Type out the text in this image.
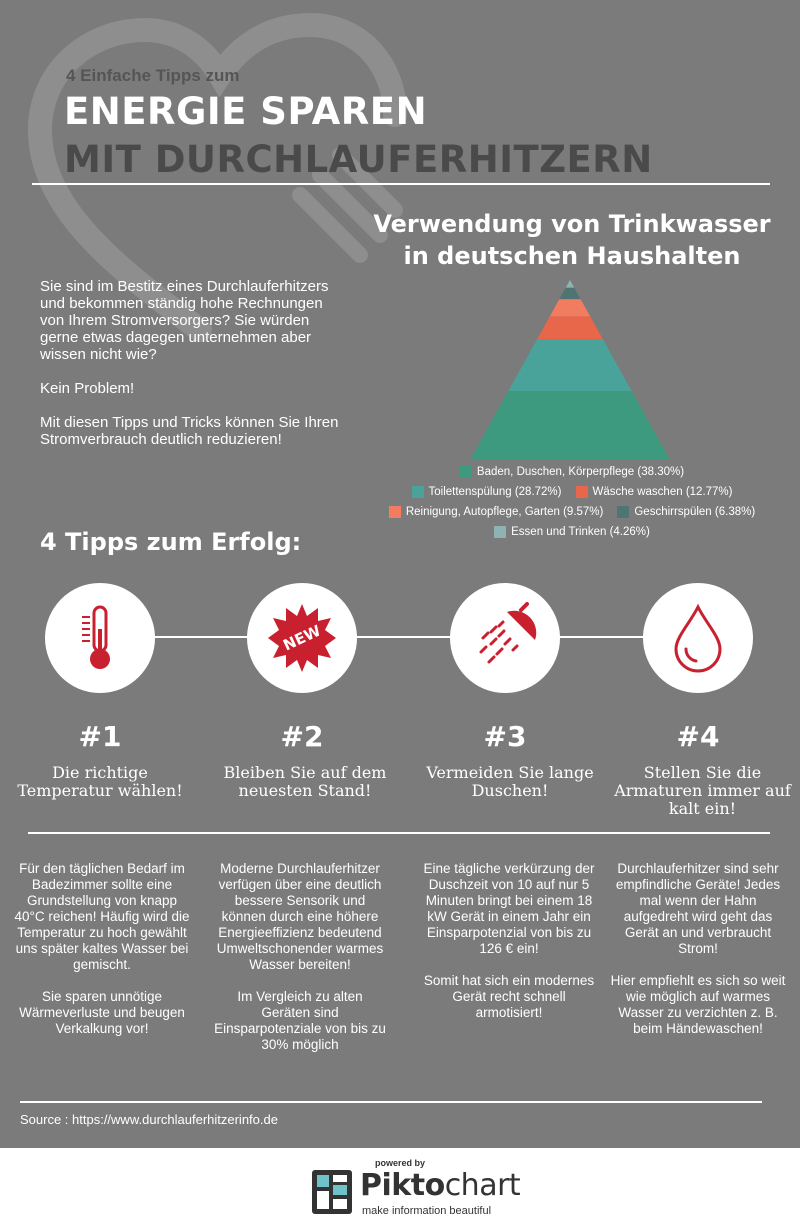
4 Einfache Tipps zum

ENERGIE SPAREN
MIT DURCHLAUFERHITZERN
Verwendung von Trinkwasser
in deutschen Haushalten
Baden, Duschen, Körperpflege (38.30%)
Toilettenspülung (28.72%)	Wäsche waschen (12.77%)
Reinigung, Autopflege, Garten (9.57%)	Geschirrspülen (6.38%)
Essen und Trinken (4.26%)

Sie sind im Bestitz eines Durchlauferhitzers und bekommen ständig hohe Rechnungen von Ihrem Stromversorgers? Sie würden gerne etwas dagegen unternehmen aber wissen nicht wie?

Kein Problem!

Mit diesen Tipps und Tricks können Sie Ihren Stromverbrauch deutlich reduzieren!

4 Tipps zum Erfolg:
NEW

#1	#2	#3	#4

Die richtige Temperatur wählen!

Bleiben Sie auf dem neuesten Stand!

Vermeiden Sie lange Duschen!

Stellen Sie die Armaturen immer auf kalt ein!

Für den täglichen Bedarf im Badezimmer sollte eine Grundstellung von knapp 40°C reichen! Häufig wird die Temperatur zu hoch gewählt uns später kaltes Wasser bei gemischt.

Sie sparen unnötige Wärmeverluste und beugen Verkalkung vor!

Moderne Durchlauferhitzer verfügen über eine deutlich bessere Sensorik und können durch eine höhere Energieeffizienz bedeutend Umweltschonender warmes Wasser bereiten!

Im Vergleich zu alten Geräten sind Einsparpotenziale von bis zu 30% möglich

Eine tägliche verkürzung der Duschzeit von 10 auf nur 5 Minuten bringt bei einem 18 kW Gerät in einem Jahr ein Einsparpotenzial von bis zu 126 € ein!

Somit hat sich ein modernes Gerät recht schnell armotisiert!

Durchlauferhitzer sind sehr empfindliche Geräte! Jedes mal wenn der Hahn aufgedreht wird geht das Gerät an und verbraucht Strom!

Hier empfiehlt es sich so weit wie möglich auf warmes Wasser zu verzichten z. B. beim Händewaschen!

Source : https://www.durchlauferhitzerinfo.de

powered by

Piktochart

make information beautiful
